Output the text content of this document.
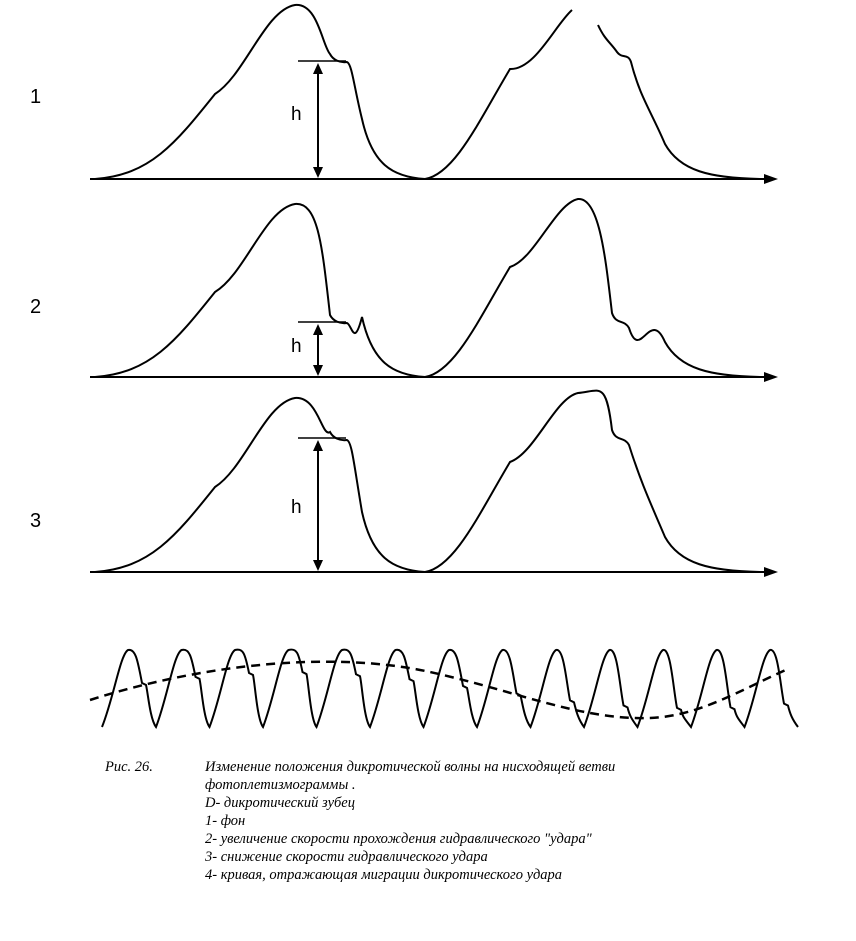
1
2
3
h
h
h
Рис. 26.	Изменение положения дикротической волны на нисходящей ветви
фотоплетизмограммы .
D- дикротический зубец
1- фон
2- увеличение скорости прохождения гидравлического "удара"
3- снижение скорости гидравлического удара
4- кривая, отражающая миграции дикротического удара
